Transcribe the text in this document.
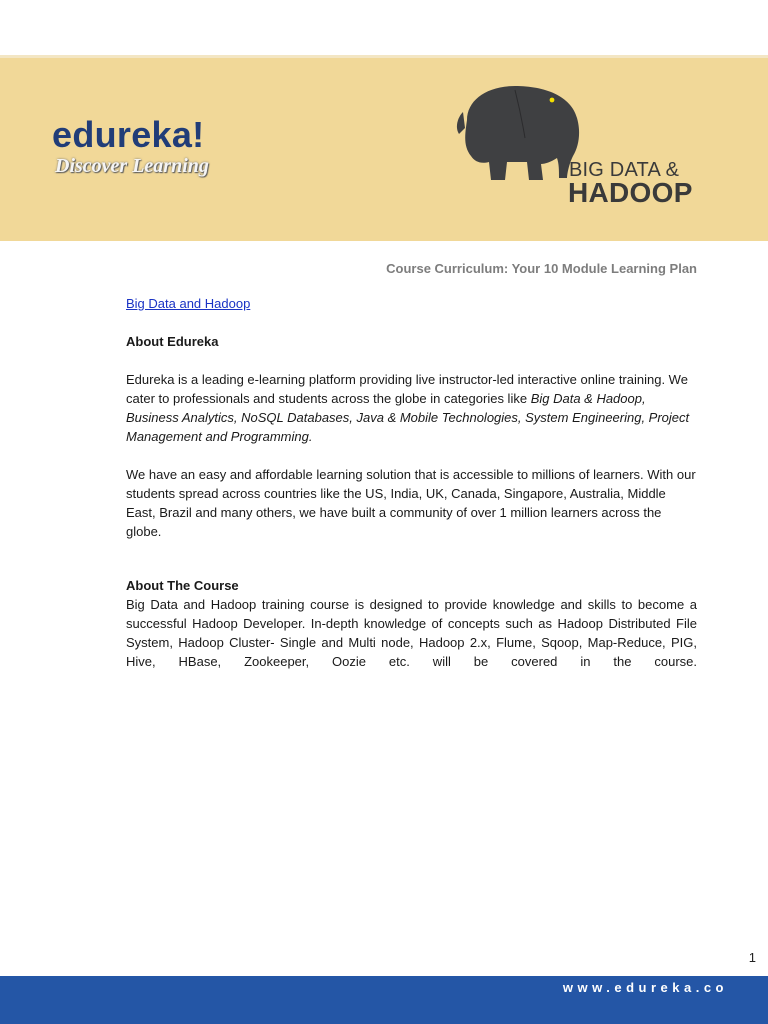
edureka!
Discover Learning	BIG DATA &
HADOOP
Course Curriculum: Your 10 Module Learning Plan

Big Data and Hadoop

About Edureka

Edureka is a leading e-learning platform providing live instructor-led interactive online training. We cater to professionals and students across the globe in categories like Big Data & Hadoop, Business Analytics, NoSQL Databases, Java & Mobile Technologies, System Engineering, Project Management and Programming.

We have an easy and affordable learning solution that is accessible to millions of learners. With our students spread across countries like the US, India, UK, Canada, Singapore, Australia, Middle East, Brazil and many others, we have built a community of over 1 million learners across the globe.

About The Course

Big Data and Hadoop training course is designed to provide knowledge and skills to become a successful Hadoop Developer. In-depth knowledge of concepts such as Hadoop Distributed File System, Hadoop Cluster- Single and Multi node, Hadoop 2.x, Flume, Sqoop, Map-Reduce, PIG, Hive, HBase, Zookeeper, Oozie etc. will be covered in the course.

1
www.edureka.co
